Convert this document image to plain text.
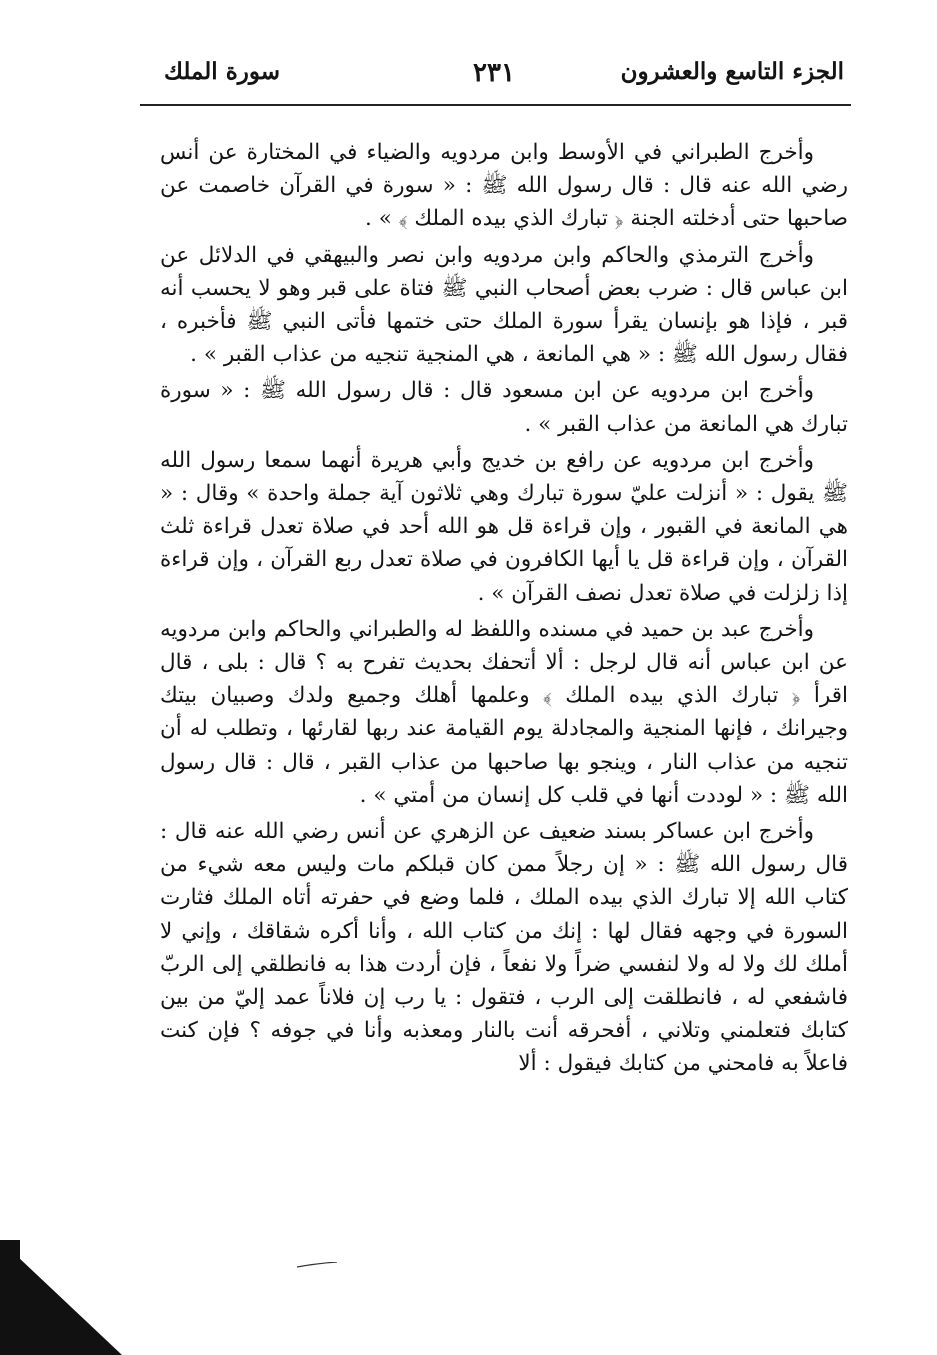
الجزء التاسع والعشرون
٢٣١
سورة الملك

وأخرج الطبراني في الأوسط وابن مردويه والضياء في المختارة عن أنس رضي الله عنه قال : قال رسول الله ﷺ : « سورة في القرآن خاصمت عن صاحبها حتى أدخلته الجنة ﴿ تبارك الذي بيده الملك ﴾ » .

وأخرج الترمذي والحاكم وابن مردويه وابن نصر والبيهقي في الدلائل عن ابن عباس قال : ضرب بعض أصحاب النبي ﷺ فتاة على قبر وهو لا يحسب أنه قبر ، فإذا هو بإنسان يقرأ سورة الملك حتى ختمها فأتى النبي ﷺ فأخبره ، فقال رسول الله ﷺ : « هي المانعة ، هي المنجية تنجيه من عذاب القبر » .

وأخرج ابن مردويه عن ابن مسعود قال : قال رسول الله ﷺ : « سورة تبارك هي المانعة من عذاب القبر » .

وأخرج ابن مردويه عن رافع بن خديج وأبي هريرة أنهما سمعا رسول الله ﷺ يقول : « أنزلت عليّ سورة تبارك وهي ثلاثون آية جملة واحدة » وقال : « هي المانعة في القبور ، وإن قراءة قل هو الله أحد في صلاة تعدل قراءة ثلث القرآن ، وإن قراءة قل يا أيها الكافرون في صلاة تعدل ربع القرآن ، وإن قراءة إذا زلزلت في صلاة تعدل نصف القرآن » .

وأخرج عبد بن حميد في مسنده واللفظ له والطبراني والحاكم وابن مردويه عن ابن عباس أنه قال لرجل : ألا أتحفك بحديث تفرح به ؟ قال : بلى ، قال اقرأ ﴿ تبارك الذي بيده الملك ﴾ وعلمها أهلك وجميع ولدك وصبيان بيتك وجيرانك ، فإنها المنجية والمجادلة يوم القيامة عند ربها لقارئها ، وتطلب له أن تنجيه من عذاب النار ، وينجو بها صاحبها من عذاب القبر ، قال : قال رسول الله ﷺ : « لوددت أنها في قلب كل إنسان من أمتي » .

وأخرج ابن عساكر بسند ضعيف عن الزهري عن أنس رضي الله عنه قال : قال رسول الله ﷺ : « إن رجلاً ممن كان قبلكم مات وليس معه شيء من كتاب الله إلا تبارك الذي بيده الملك ، فلما وضع في حفرته أتاه الملك فثارت السورة في وجهه فقال لها : إنك من كتاب الله ، وأنا أكره شقاقك ، وإني لا أملك لك ولا له ولا لنفسي ضراً ولا نفعاً ، فإن أردت هذا به فانطلقي إلى الربّ فاشفعي له ، فانطلقت إلى الرب ، فتقول : يا رب إن فلاناً عمد إليّ من بين كتابك فتعلمني وتلاني ، أفحرقه أنت بالنار ومعذبه وأنا في جوفه ؟ فإن كنت فاعلاً به فامحني من كتابك فيقول : ألا
